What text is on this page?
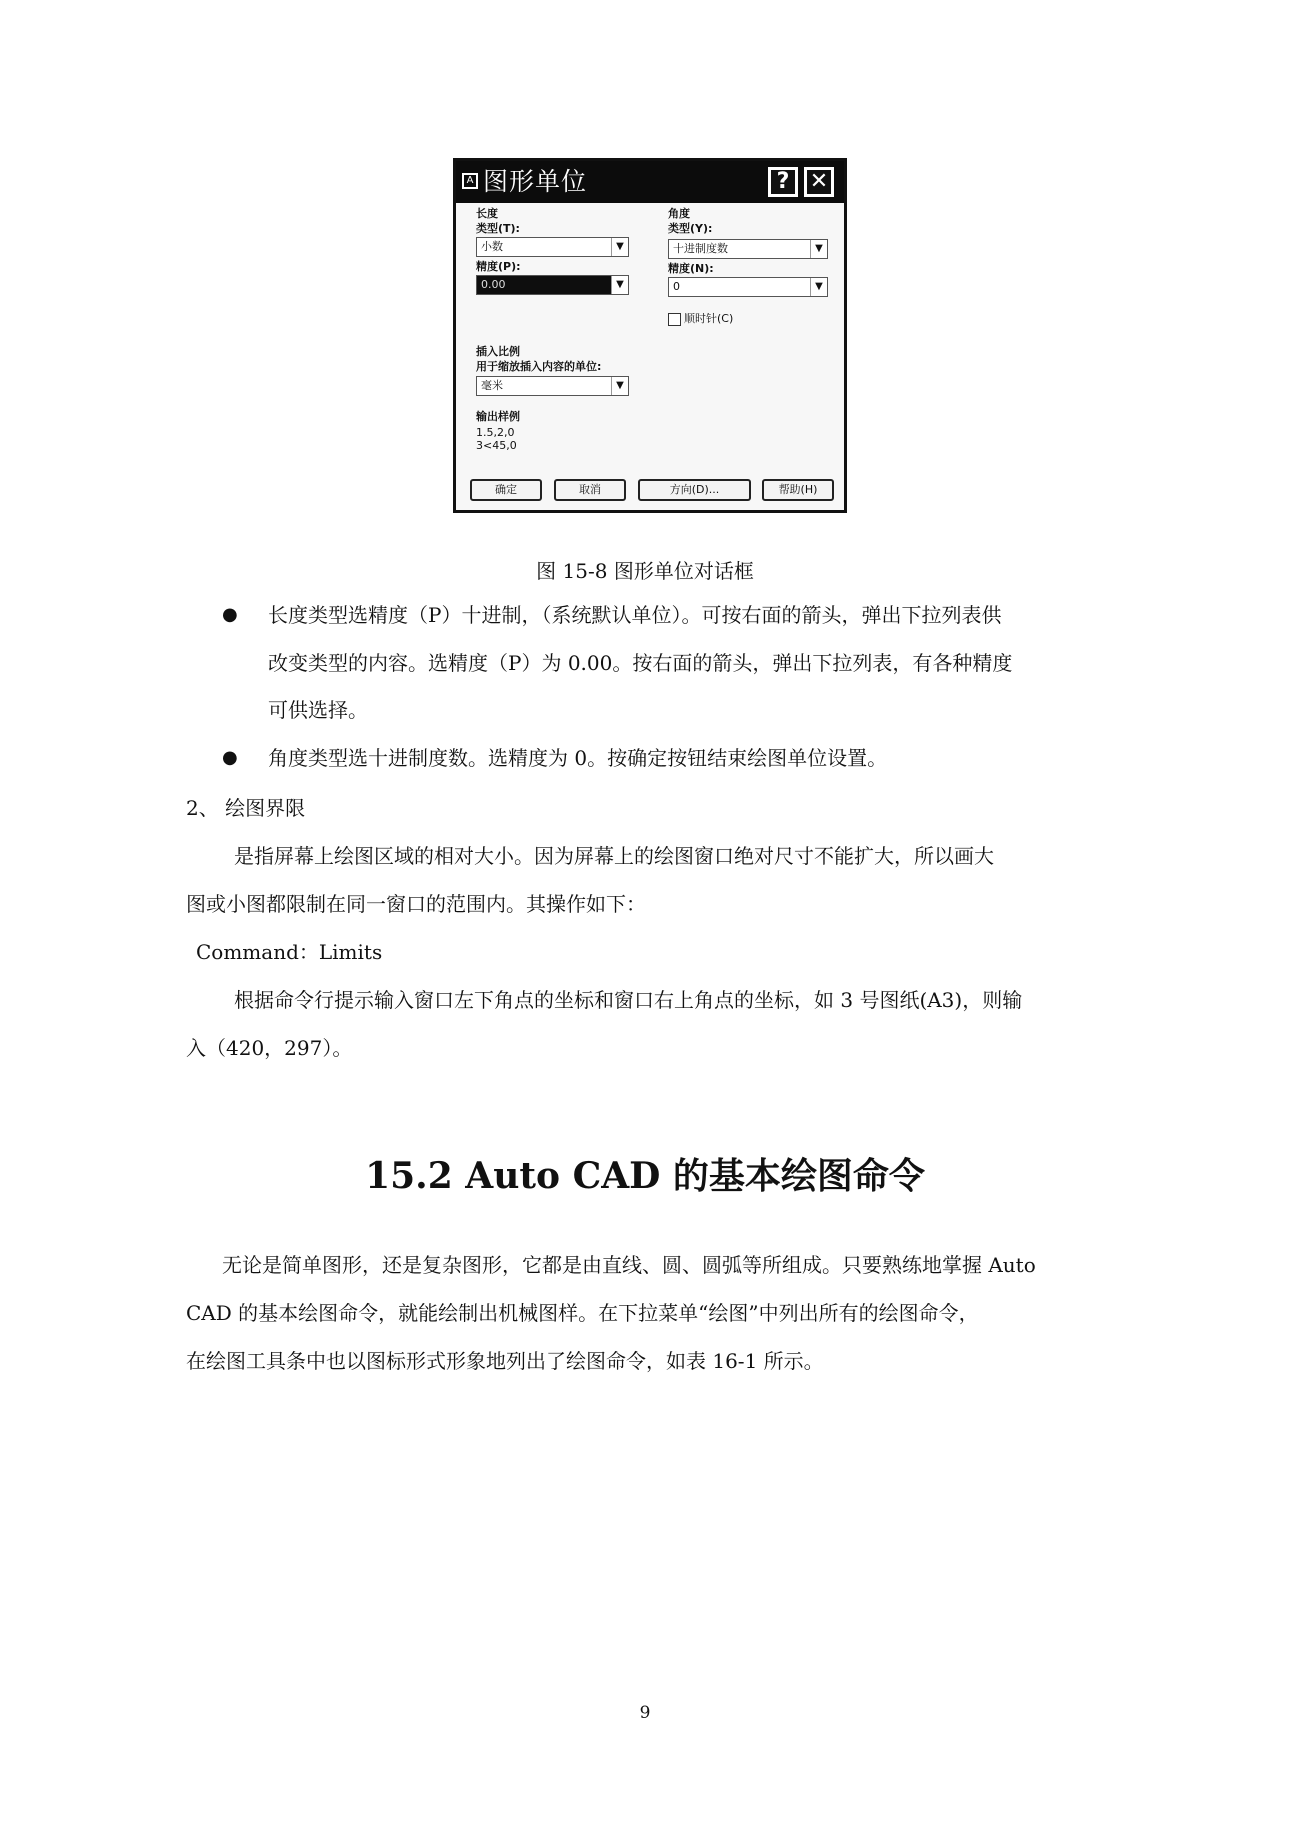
A 图形单位	? ✕
长度
类型(T):
小数	▼
精度(P):
0.00	▼
角度
类型(Y):
十进制度数	▼
精度(N):
0	▼
顺时针(C)
插入比例
用于缩放插入内容的单位:
毫米	▼
输出样例
1.5,2,0
3<45,0
确定	取消	方向(D)...	帮助(H)
图 15-8 图形单位对话框
● 长度类型选精度（P）十进制，（系统默认单位）。可按右面的箭头，弹出下拉列表供
改变类型的内容。选精度（P）为 0.00。按右面的箭头，弹出下拉列表，有各种精度
可供选择。
● 角度类型选十进制度数。选精度为 0。按确定按钮结束绘图单位设置。
2、 绘图界限
是指屏幕上绘图区域的相对大小。因为屏幕上的绘图窗口绝对尺寸不能扩大，所以画大
图或小图都限制在同一窗口的范围内。其操作如下：
Command：Limits
根据命令行提示输入窗口左下角点的坐标和窗口右上角点的坐标，如 3 号图纸(A3)，则输
入（420，297）。
15.2 Auto CAD 的基本绘图命令
无论是简单图形，还是复杂图形，它都是由直线、圆、圆弧等所组成。只要熟练地掌握 Auto
CAD 的基本绘图命令，就能绘制出机械图样。在下拉菜单“绘图”中列出所有的绘图命令，
在绘图工具条中也以图标形式形象地列出了绘图命令，如表 16-1 所示。
9
